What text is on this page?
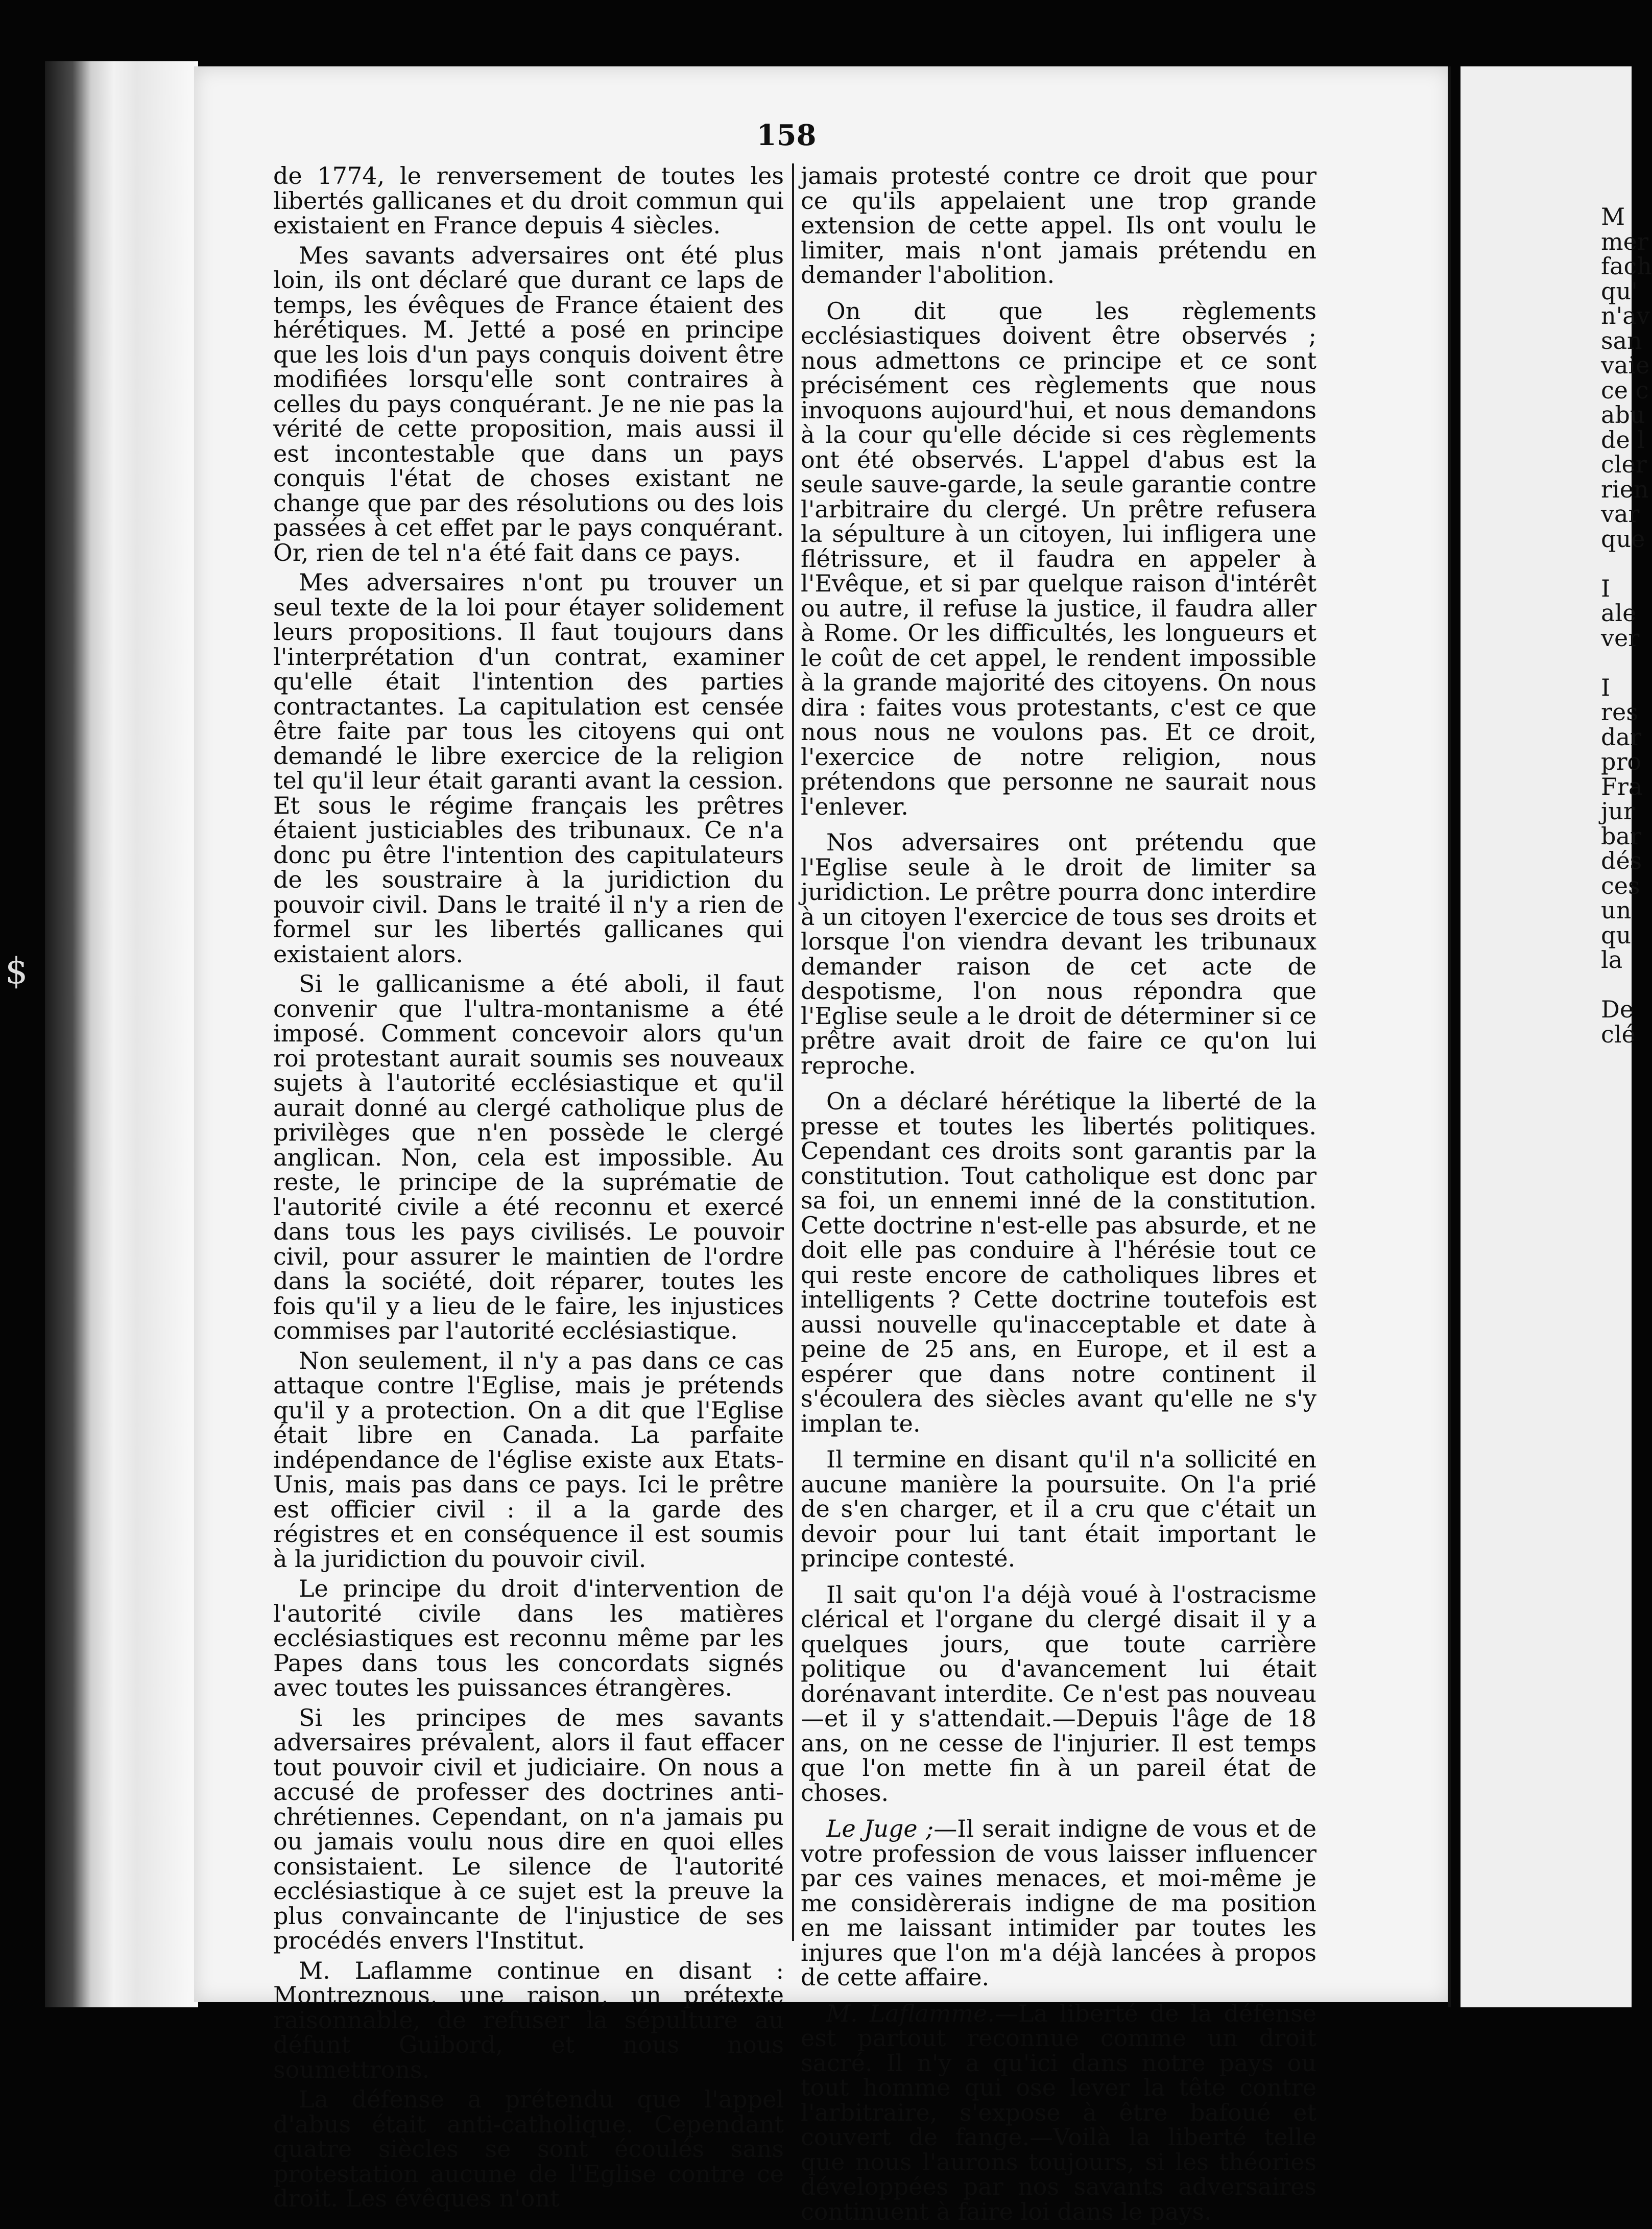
$
158

de 1774, le renversement de toutes les libertés gallicanes et du droit commun qui existaient en France depuis 4 siècles.

Mes savants adversaires ont été plus loin, ils ont déclaré que durant ce laps de temps, les évêques de France étaient des hérétiques. M. Jetté a posé en principe que les lois d'un pays conquis doivent être modifiées lorsqu'elle sont contraires à celles du pays conquérant. Je ne nie pas la vérité de cette proposition, mais aussi il est incontestable que dans un pays conquis l'état de choses existant ne change que par des résolutions ou des lois passées à cet effet par le pays conquérant. Or, rien de tel n'a été fait dans ce pays.

Mes adversaires n'ont pu trouver un seul texte de la loi pour étayer solidement leurs propositions. Il faut toujours dans l'interprétation d'un contrat, examiner qu'elle était l'intention des parties contractantes. La capitulation est censée être faite par tous les citoyens qui ont demandé le libre exercice de la religion tel qu'il leur était garanti avant la cession. Et sous le régime français les prêtres étaient justiciables des tribunaux. Ce n'a donc pu être l'intention des capitulateurs de les soustraire à la juridiction du pouvoir civil. Dans le traité il n'y a rien de formel sur les libertés gallicanes qui existaient alors.

Si le gallicanisme a été aboli, il faut convenir que l'ultra-montanisme a été imposé. Comment concevoir alors qu'un roi protestant aurait soumis ses nouveaux sujets à l'autorité ecclésiastique et qu'il aurait donné au clergé catholique plus de privilèges que n'en possède le clergé anglican. Non, cela est impossible. Au reste, le principe de la suprématie de l'autorité civile a été reconnu et exercé dans tous les pays civilisés. Le pouvoir civil, pour assurer le maintien de l'ordre dans la société, doit réparer, toutes les fois qu'il y a lieu de le faire, les injustices commises par l'autorité ecclésiastique.

Non seulement, il n'y a pas dans ce cas attaque contre l'Eglise, mais je prétends qu'il y a protection. On a dit que l'Eglise était libre en Canada. La parfaite indépendance de l'église existe aux Etats-Unis, mais pas dans ce pays. Ici le prêtre est officier civil : il a la garde des régistres et en conséquence il est soumis à la juridiction du pouvoir civil.

Le principe du droit d'intervention de l'autorité civile dans les matières ecclésiastiques est reconnu même par les Papes dans tous les concordats signés avec toutes les puissances étrangères.

Si les principes de mes savants adversaires prévalent, alors il faut effacer tout pouvoir civil et judiciaire. On nous a accusé de professer des doctrines anti-chrétiennes. Cependant, on n'a jamais pu ou jamais voulu nous dire en quoi elles consistaient. Le silence de l'autorité ecclésiastique à ce sujet est la preuve la plus convaincante de l'injustice de ses procédés envers l'Institut.

M. Laflamme continue en disant : Montreznous, une raison, un prétexte raisonnable, de refuser la sépulture au défunt Guibord, et nous nous soumettrons.

La défense a prétendu que l'appel d'abus était anti-catholique. Cependant quatre siècles se sont écoulés sans protestation aucune de l'Eglise contre ce droit. Les évêques n'ont

jamais protesté contre ce droit que pour ce qu'ils appelaient une trop grande extension de cette appel. Ils ont voulu le limiter, mais n'ont jamais prétendu en demander l'abolition.

On dit que les règlements ecclésiastiques doivent être observés ; nous admettons ce principe et ce sont précisément ces règlements que nous invoquons aujourd'hui, et nous demandons à la cour qu'elle décide si ces règlements ont été observés. L'appel d'abus est la seule sauve-garde, la seule garantie contre l'arbitraire du clergé. Un prêtre refusera la sépulture à un citoyen, lui infligera une flétrissure, et il faudra en appeler à l'Evêque, et si par quelque raison d'intérêt ou autre, il refuse la justice, il faudra aller à Rome. Or les difficultés, les longueurs et le coût de cet appel, le rendent impossible à la grande majorité des citoyens. On nous dira : faites vous protestants, c'est ce que nous nous ne voulons pas. Et ce droit, l'exercice de notre religion, nous prétendons que personne ne saurait nous l'enlever.

Nos adversaires ont prétendu que l'Eglise seule à le droit de limiter sa juridiction. Le prêtre pourra donc interdire à un citoyen l'exercice de tous ses droits et lorsque l'on viendra devant les tribunaux demander raison de cet acte de despotisme, l'on nous répondra que l'Eglise seule a le droit de déterminer si ce prêtre avait droit de faire ce qu'on lui reproche.

On a déclaré hérétique la liberté de la presse et toutes les libertés politiques. Cependant ces droits sont garantis par la constitution. Tout catholique est donc par sa foi, un ennemi inné de la constitution. Cette doctrine n'est-elle pas absurde, et ne doit elle pas conduire à l'hérésie tout ce qui reste encore de catholiques libres et intelligents ? Cette doctrine toutefois est aussi nouvelle qu'inacceptable et date à peine de 25 ans, en Europe, et il est a espérer que dans notre continent il s'écoulera des siècles avant qu'elle ne s'y implan te.

Il termine en disant qu'il n'a sollicité en aucune manière la poursuite. On l'a prié de s'en charger, et il a cru que c'était un devoir pour lui tant était important le principe contesté.

Il sait qu'on l'a déjà voué à l'ostracisme clérical et l'organe du clergé disait il y a quelques jours, que toute carrière politique ou d'avancement lui était dorénavant interdite. Ce n'est pas nouveau—et il y s'attendait.—Depuis l'âge de 18 ans, on ne cesse de l'injurier. Il est temps que l'on mette fin à un pareil état de choses.

Le Juge ;—Il serait indigne de vous et de votre profession de vous laisser influencer par ces vaines menaces, et moi-même je me considèrerais indigne de ma position en me laissant intimider par toutes les injures que l'on m'a déjà lancées à propos de cette affaire.

M. Laflamme.—La liberté de la défense est partout reconnue comme un droit sacré. Il n'y a qu'ici dans notre pays ou tout homme qui ose lever la tête contre l'arbitraire, s'expose à être bafoué et couvert de fange.—Voilà la liberté telle que nous l'aurons toujours, si les théories développées par nos savants adversaires continuent à faire loi dans le pays.

M
mer
fach
qu'
n'av
san
vaie
ce c
abu
de l
cler
rien
var
que

I
ale
ver

I
res
dar
pro
Fra
jur
bar
dés
ces
un
qu
la

De
clé
